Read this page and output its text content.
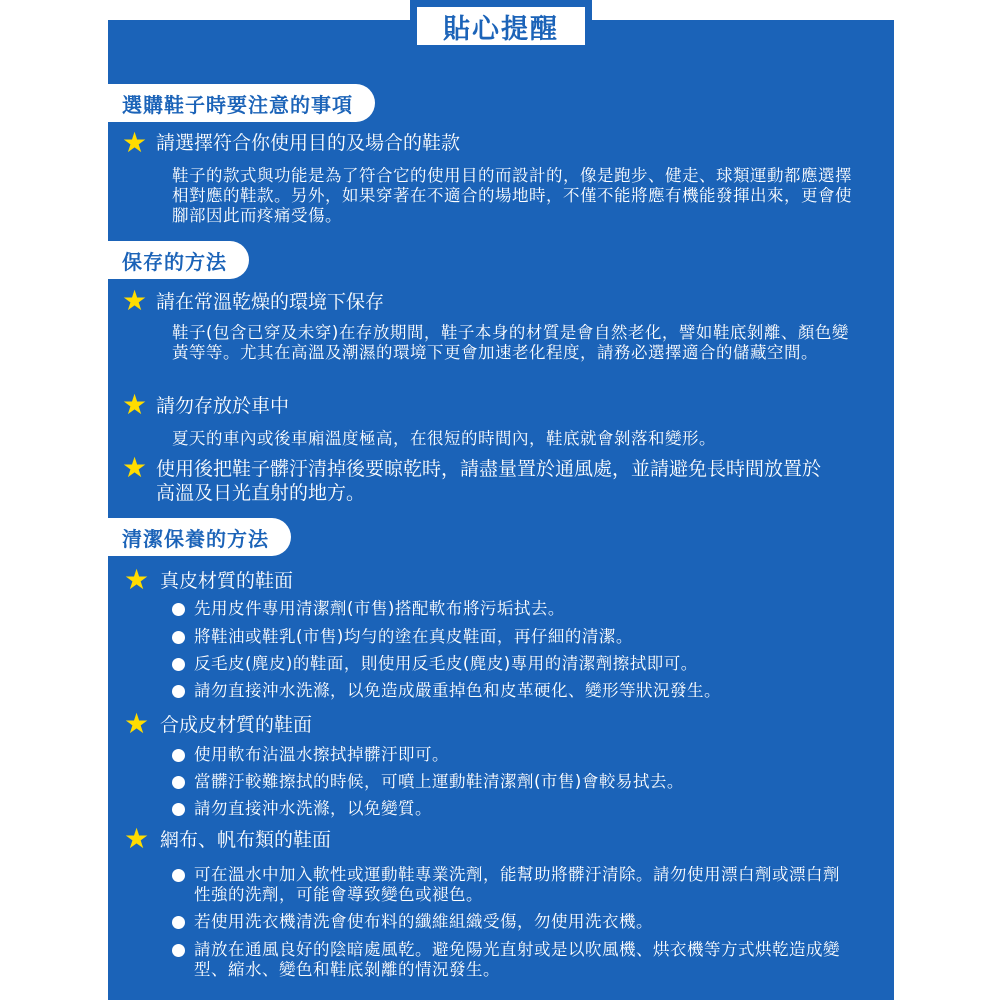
貼心提醒
選購鞋子時要注意的事項
★ 請選擇符合你使用目的及場合的鞋款
鞋子的款式與功能是為了符合它的使用目的而設計的，像是跑步、健走、球類運動都應選擇相對應的鞋款。另外，如果穿著在不適合的場地時，不僅不能將應有機能發揮出來，更會使腳部因此而疼痛受傷。
保存的方法
★ 請在常溫乾燥的環境下保存
鞋子(包含已穿及未穿)在存放期間，鞋子本身的材質是會自然老化，譬如鞋底剝離、顏色變黃等等。尤其在高溫及潮濕的環境下更會加速老化程度，請務必選擇適合的儲藏空間。
★ 請勿存放於車中
夏天的車內或後車廂溫度極高，在很短的時間內，鞋底就會剝落和變形。
★ 使用後把鞋子髒汙清掉後要晾乾時，請盡量置於通風處，並請避免長時間放置於高溫及日光直射的地方。
清潔保養的方法
★ 真皮材質的鞋面
先用皮件專用清潔劑(市售)搭配軟布將污垢拭去。
將鞋油或鞋乳(市售)均勻的塗在真皮鞋面，再仔細的清潔。
反毛皮(麂皮)的鞋面，則使用反毛皮(麂皮)專用的清潔劑擦拭即可。
請勿直接沖水洗滌，以免造成嚴重掉色和皮革硬化、變形等狀況發生。
★ 合成皮材質的鞋面
使用軟布沾溫水擦拭掉髒汙即可。
當髒汙較難擦拭的時候，可噴上運動鞋清潔劑(市售)會較易拭去。
請勿直接沖水洗滌，以免變質。
★ 網布、帆布類的鞋面
可在溫水中加入軟性或運動鞋專業洗劑，能幫助將髒汙清除。請勿使用漂白劑或漂白劑性強的洗劑，可能會導致變色或褪色。
若使用洗衣機清洗會使布料的纖維組織受傷，勿使用洗衣機。
請放在通風良好的陰暗處風乾。避免陽光直射或是以吹風機、烘衣機等方式烘乾造成變型、縮水、變色和鞋底剝離的情況發生。
